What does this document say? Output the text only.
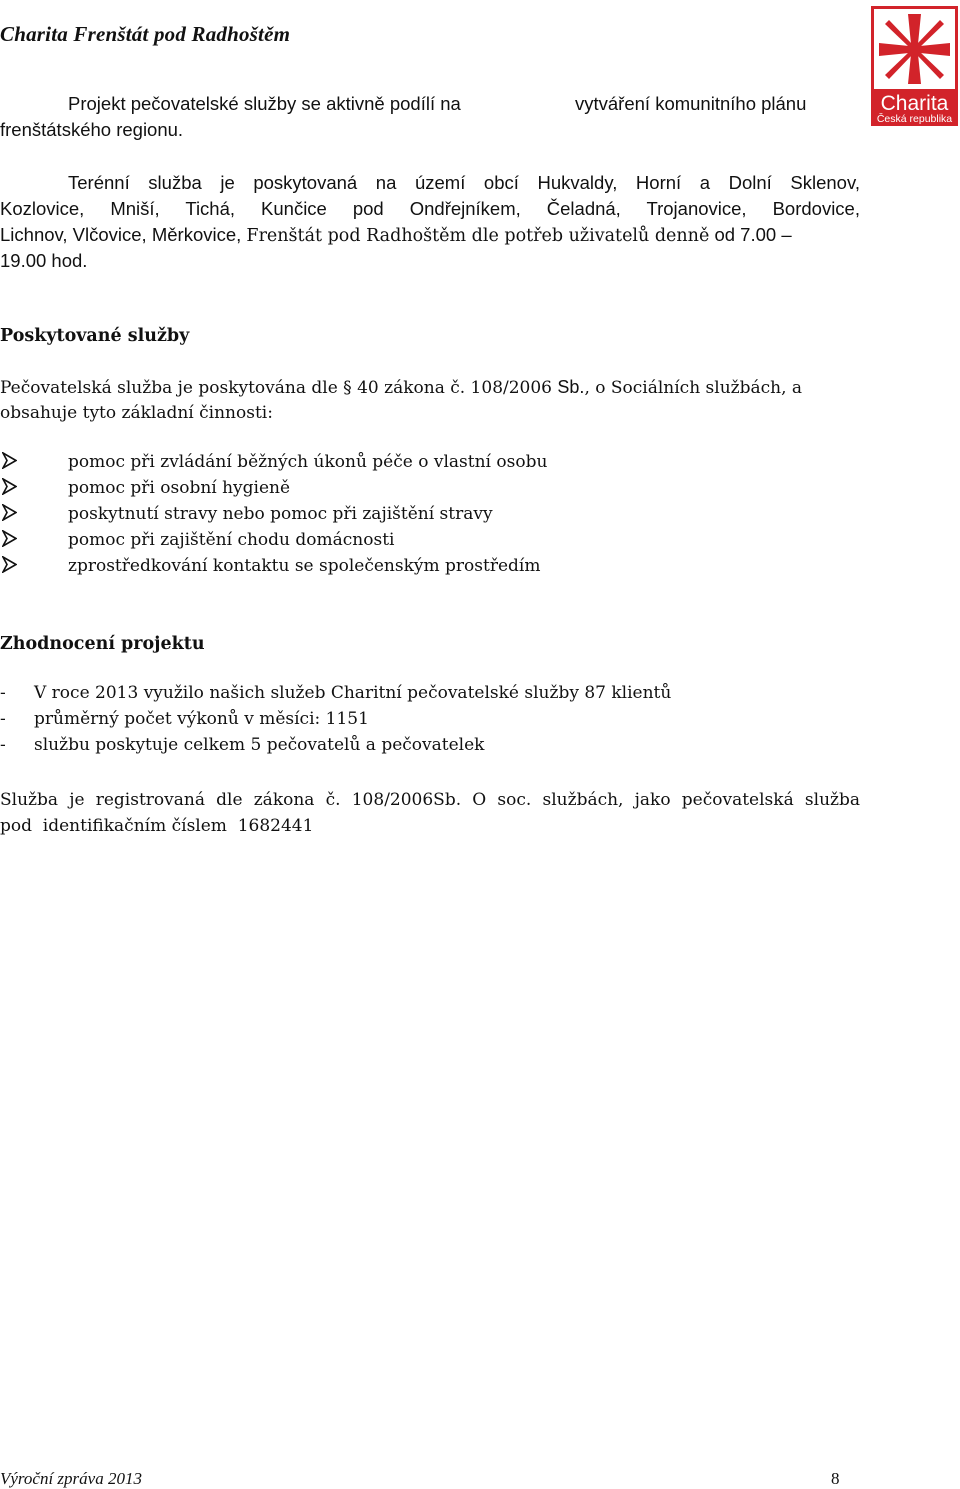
Charita Frenštát pod Radhoštěm
Charita
Česká republika
Projekt pečovatelské služby se aktivně podílí na	vytváření komunitního plánu
frenštátského regionu.
Terénní služba je poskytovaná na území obcí Hukvaldy, Horní a Dolní Sklenov,
Kozlovice, Mniší, Tichá, Kunčice pod Ondřejníkem, Čeladná, Trojanovice, Bordovice,
Lichnov, Vlčovice, Měrkovice, Frenštát pod Radhoštěm dle potřeb uživatelů denně od 7.00 –
19.00 hod.
Poskytované služby
Pečovatelská služba je poskytována dle § 40 zákona č. 108/2006 Sb., o Sociálních službách, a
obsahuje tyto základní činnosti:
pomoc při zvládání běžných úkonů péče o vlastní osobu
pomoc při osobní hygieně
poskytnutí stravy nebo pomoc při zajištění stravy
pomoc při zajištění chodu domácnosti
zprostředkování kontaktu se společenským prostředím
Zhodnocení projektu
- V roce 2013 využilo našich služeb Charitní pečovatelské služby 87 klientů
- průměrný počet výkonů v měsíci: 1151
- službu poskytuje celkem 5 pečovatelů a pečovatelek
Služba je registrovaná dle zákona č. 108/2006Sb. O soc. službách, jako pečovatelská služba
pod  identifikačním číslem  1682441
Výroční zpráva 2013	8
